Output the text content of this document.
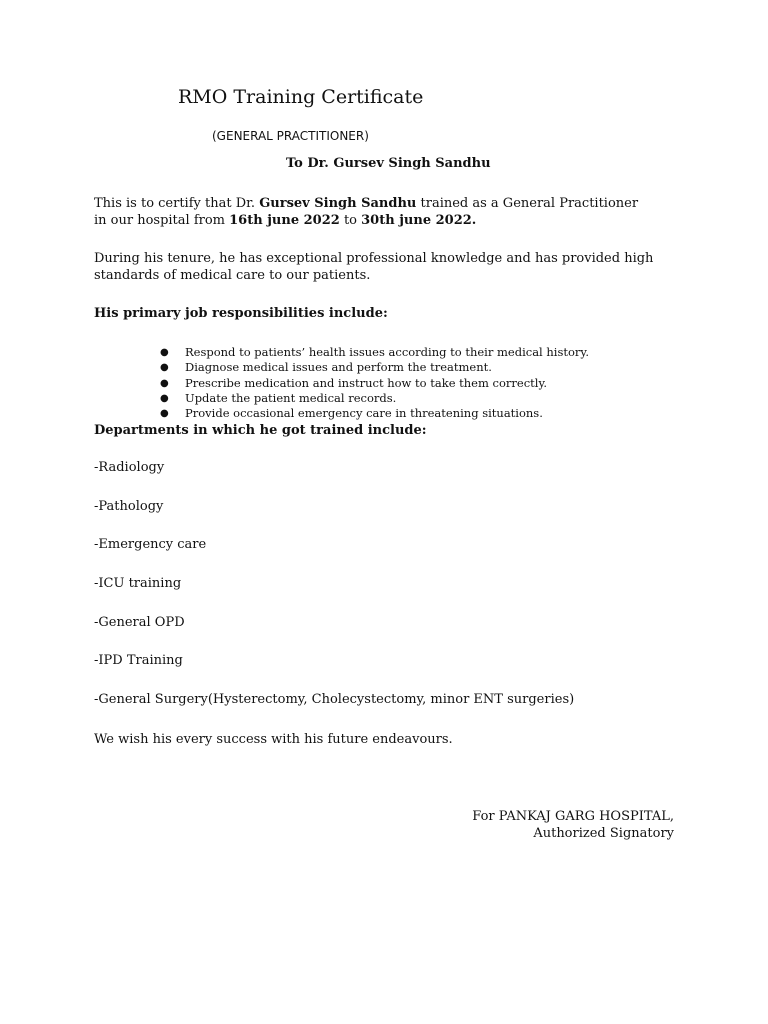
RMO Training Certificate
(GENERAL PRACTITIONER)
To Dr. Gursev Singh Sandhu
This is to certify that Dr. Gursev Singh Sandhu trained as a General Practitioner in our hospital from 16th june 2022 to 30th june 2022.
During his tenure, he has exceptional professional knowledge and has provided high standards of medical care to our patients.
His primary job responsibilities include:
● Respond to patients’ health issues according to their medical history.
● Diagnose medical issues and perform the treatment.
● Prescribe medication and instruct how to take them correctly.
● Update the patient medical records.
● Provide occasional emergency care in threatening situations.
Departments in which he got trained include:
-Radiology
-Pathology
-Emergency care
-ICU training
-General OPD
-IPD Training
-General Surgery(Hysterectomy, Cholecystectomy, minor ENT surgeries)
We wish his every success with his future endeavours.
For PANKAJ GARG HOSPITAL,
Authorized Signatory
